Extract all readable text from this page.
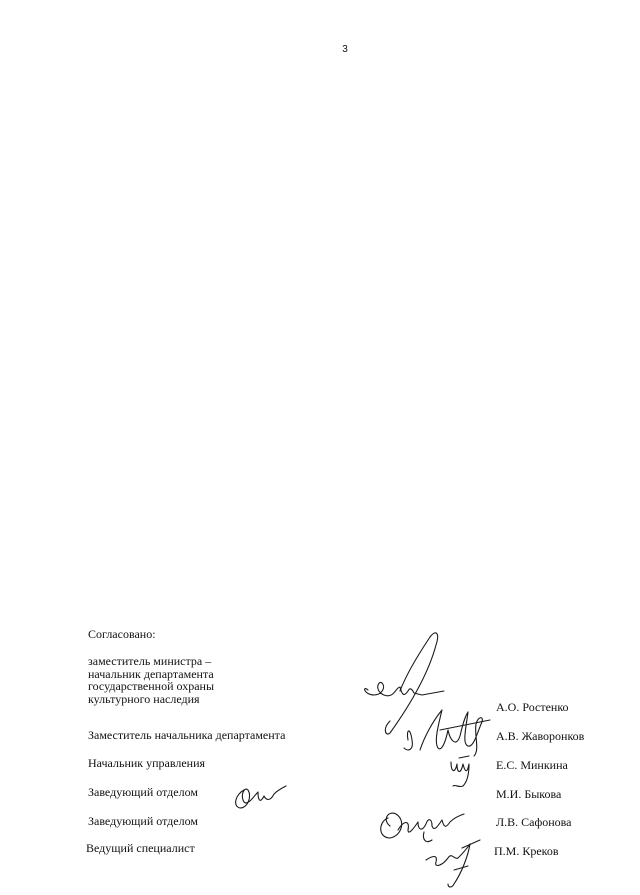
3
Согласовано:
заместитель министра –
начальник департамента
государственной охраны
культурного наследия
А.О. Ростенко
Заместитель начальника департамента	А.В. Жаворонков
Начальник управления	Е.С. Минкина
Заведующий отделом	М.И. Быкова
Заведующий отделом	Л.В. Сафонова
Ведущий специалист	П.М. Креков
